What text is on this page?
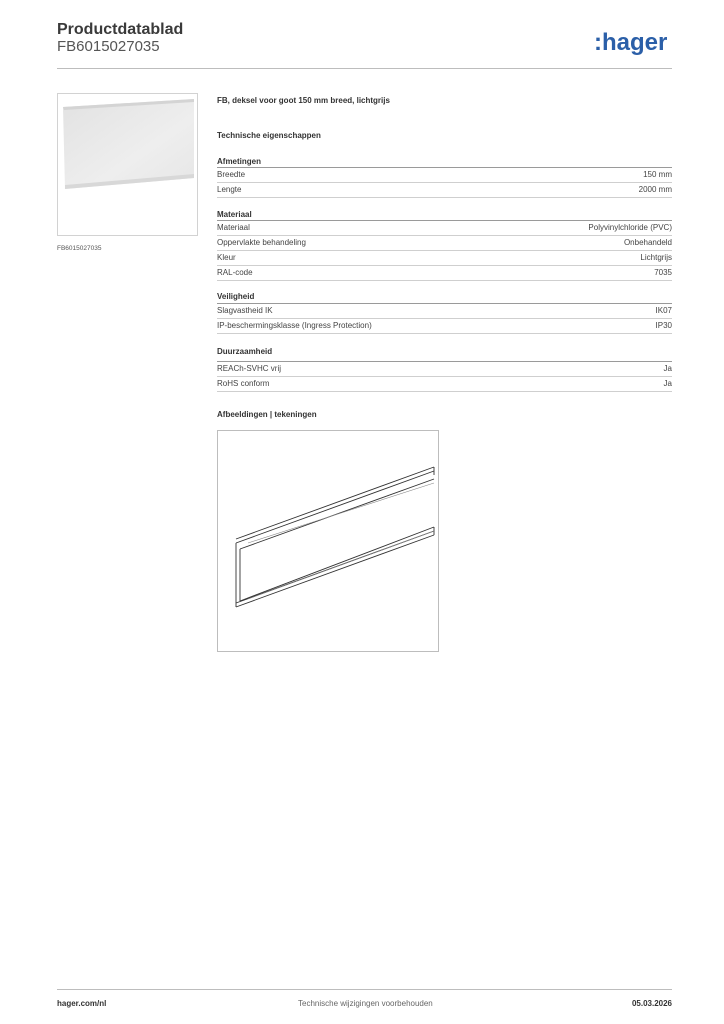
Productdatablad
FB6015027035	:hager
FB6015027035
FB, deksel voor goot 150 mm breed, lichtgrijs
Technische eigenschappen
Afmetingen
Breedte	150 mm
Lengte	2000 mm
Materiaal
Materiaal	Polyvinylchloride (PVC)
Oppervlakte behandeling	Onbehandeld
Kleur	Lichtgrijs
RAL-code	7035
Veiligheid
Slagvastheid IK	IK07
IP-beschermingsklasse (Ingress Protection)	IP30
Duurzaamheid
REACh-SVHC vrij	Ja
RoHS conform	Ja
Afbeeldingen | tekeningen
hager.com/nl	Technische wijzigingen voorbehouden	05.03.2026
